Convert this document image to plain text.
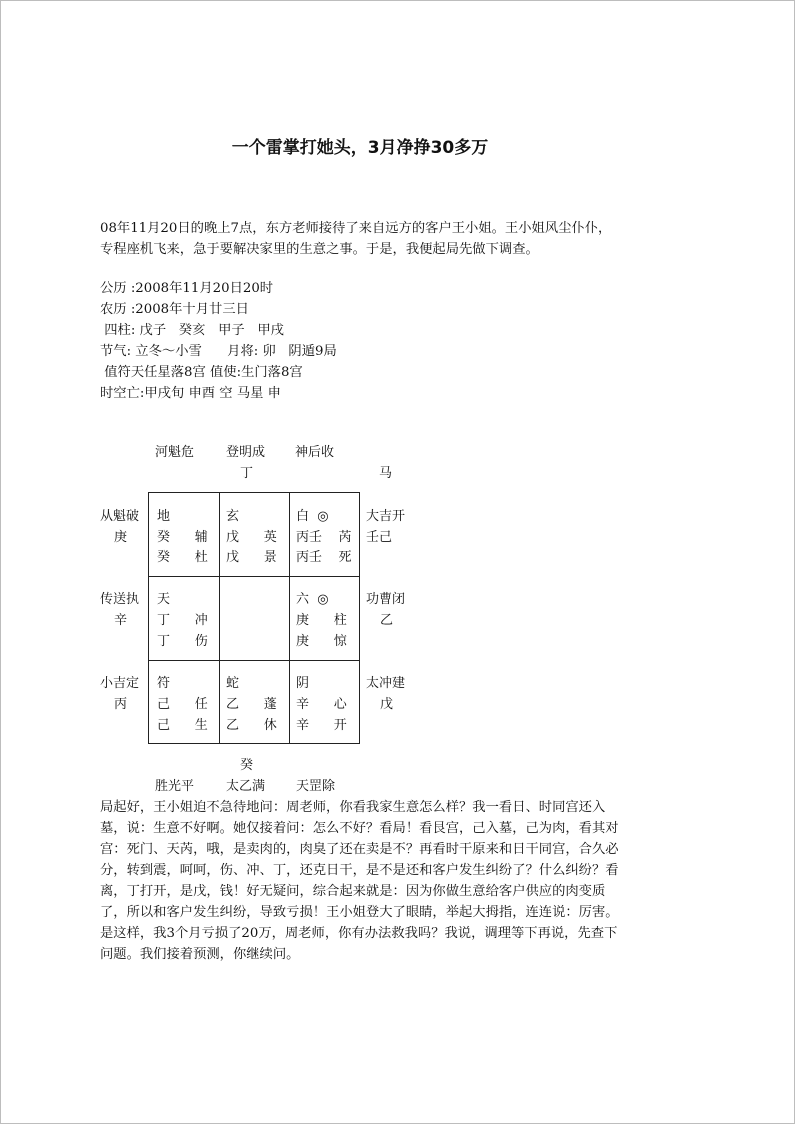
一个雷掌打她头，3月净挣30多万
08年11月20日的晚上7点，东方老师接待了来自远方的客户王小姐。王小姐风尘仆仆，专程座机飞来，急于要解决家里的生意之事。于是，我便起局先做下调查。
公历 :2008年11月20日20时
农历 :2008年十月廿三日
四柱: 戊子   癸亥   甲子   甲戌
节气: 立冬～小雪      月将: 卯   阴遁9局
值符天任星落8宫 值使:生门落8宫
时空亡:甲戌旬 申酉 空 马星 申
河魁危 登明成 神后收
丁	马
从魁破
庚
传送执
辛
小吉定
丙
大吉开
壬己
功曹闭
乙
太冲建
戊
地
癸      辅
癸      杜
玄
戊      英
戊      景
白  ◎
丙壬    芮
丙壬    死
天
丁      冲
丁      伤
六  ◎
庚      柱
庚      惊
符
己      任
己      生
蛇
乙      蓬
乙      休
阴
辛      心
辛      开
癸
胜光平 太乙满 天罡除
局起好，王小姐迫不急待地问：周老师，你看我家生意怎么样？我一看日、时同宫还入墓，说：生意不好啊。她仅接着问：怎么不好？看局！看艮宫，己入墓，己为肉，看其对宫：死门、天芮，哦，是卖肉的，肉臭了还在卖是不？再看时干原来和日干同宫，合久必分，转到震，呵呵，伤、冲、丁，还克日干，是不是还和客户发生纠纷了？什么纠纷？看离，丁打开，是戊，钱！好无疑问，综合起来就是：因为你做生意给客户供应的肉变质了，所以和客户发生纠纷，导致亏损！王小姐登大了眼睛，举起大拇指，连连说：厉害。是这样，我3个月亏损了20万，周老师，你有办法救我吗？我说，调理等下再说，先查下问题。我们接着预测，你继续问。
